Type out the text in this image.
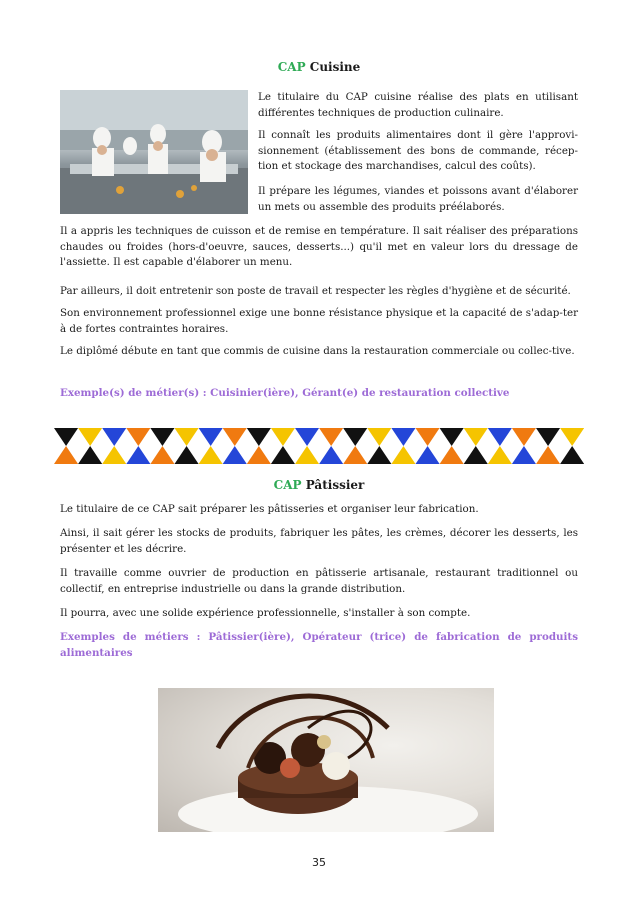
CAP Cuisine

Le titulaire du CAP cuisine réalise des plats en utilisant différentes techniques de production culinaire.

Il connaît les produits alimentaires dont il gère l'approvi-sionnement (établissement des bons de commande, récep-tion et stockage des marchandises, calcul des coûts).

Il prépare les légumes, viandes et poissons avant d'élaborer un mets ou assemble des produits préélaborés.

Il a appris les techniques de cuisson et de remise en température. Il sait réaliser des préparations chaudes ou froides (hors-d'oeuvre, sauces, desserts...) qu'il met en valeur lors du dressage de l'assiette. Il est capable d'élaborer un menu.

Par ailleurs, il doit entretenir son poste de travail et respecter les règles d'hygiène et de sécurité.

Son environnement professionnel exige une bonne résistance physique et la capacité de s'adap-ter à de fortes contraintes horaires.

Le diplômé débute en tant que commis de cuisine dans la restauration commerciale ou collec-tive.

Exemple(s) de métier(s) : Cuisinier(ière), Gérant(e) de restauration collective

CAP Pâtissier

Le titulaire de ce CAP sait préparer les pâtisseries et organiser leur fabrication.

Ainsi, il sait gérer les stocks de produits, fabriquer les pâtes, les crèmes, décorer les desserts, les présenter et les décrire.

Il travaille comme ouvrier de production en pâtisserie artisanale, restaurant traditionnel ou collectif, en entreprise industrielle ou dans la grande distribution.

Il pourra, avec une solide expérience professionnelle, s'installer à son compte.

Exemples de métiers : Pâtissier(ière), Opérateur (trice) de fabrication de produits alimentaires

35
